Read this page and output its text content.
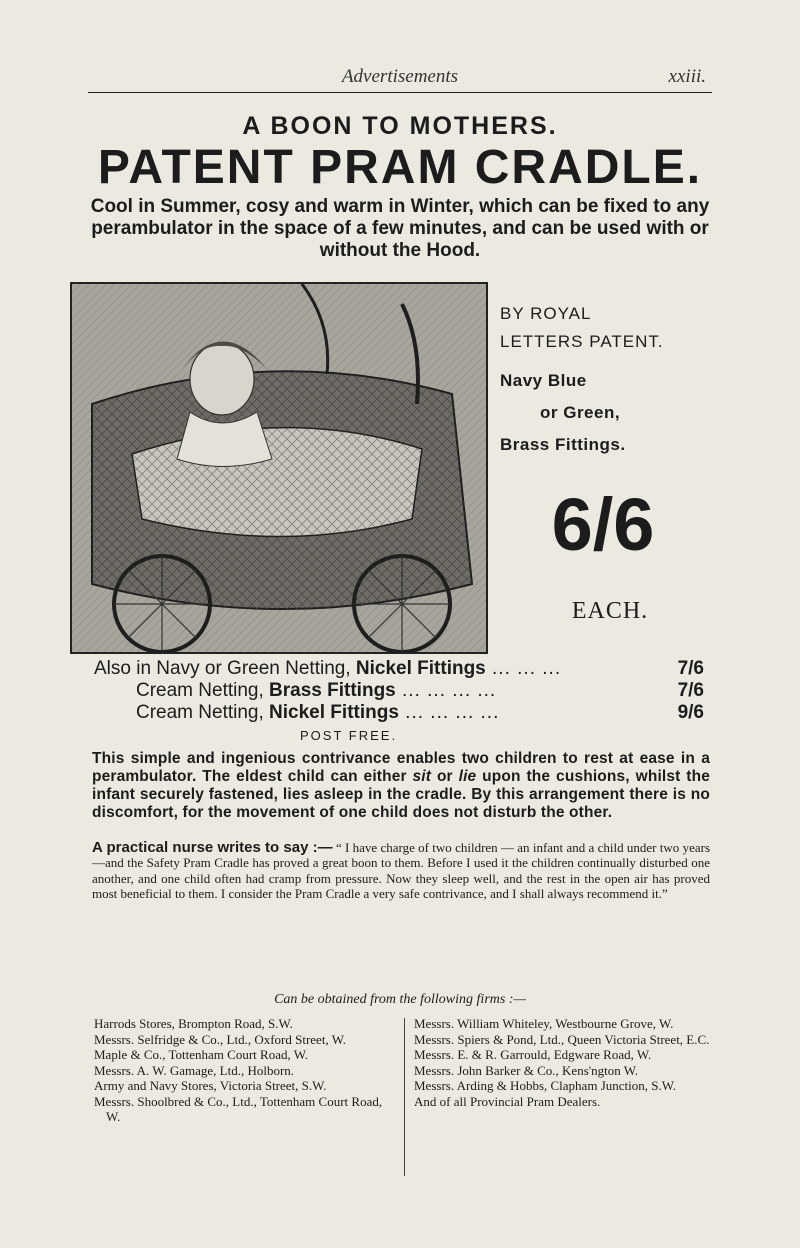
Advertisements	xxiii.
A BOON TO MOTHERS.
PATENT PRAM CRADLE.
Cool in Summer, cosy and warm in Winter, which can be fixed to any perambulator in the space of a few minutes, and can be used with or without the Hood.
BY ROYAL
LETTERS PATENT.
Navy Blue
or Green,
Brass Fittings.
6/6
EACH.
Also in Navy or Green Netting, Nickel Fittings ... ... ...	7/6
Cream Netting, Brass Fittings ... ... ... ...	7/6
Cream Netting, Nickel Fittings ... ... ... ...	9/6
POST FREE.
This simple and ingenious contrivance enables two children to rest at ease in a perambulator. The eldest child can either sit or lie upon the cushions, whilst the infant securely fastened, lies asleep in the cradle. By this arrangement there is no discomfort, for the movement of one child does not disturb the other.
A practical nurse writes to say :— “ I have charge of two children — an infant and a child under two years—and the Safety Pram Cradle has proved a great boon to them. Before I used it the children continually disturbed one another, and one child often had cramp from pressure. Now they sleep well, and the rest in the open air has proved most beneficial to them. I consider the Pram Cradle a very safe contrivance, and I shall always recommend it.”
Can be obtained from the following firms :—
Harrods Stores, Brompton Road, S.W.
Messrs. Selfridge & Co., Ltd., Oxford Street, W.
Maple & Co., Tottenham Court Road, W.
Messrs. A. W. Gamage, Ltd., Holborn.
Army and Navy Stores, Victoria Street, S.W.
Messrs. Shoolbred & Co., Ltd., Tottenham Court Road, W.
Messrs. William Whiteley, Westbourne Grove, W.
Messrs. Spiers & Pond, Ltd., Queen Victoria Street, E.C.
Messrs. E. & R. Garrould, Edgware Road, W.
Messrs. John Barker & Co., Kens'ngton W.
Messrs. Arding & Hobbs, Clapham Junction, S.W.
And of all Provincial Pram Dealers.
